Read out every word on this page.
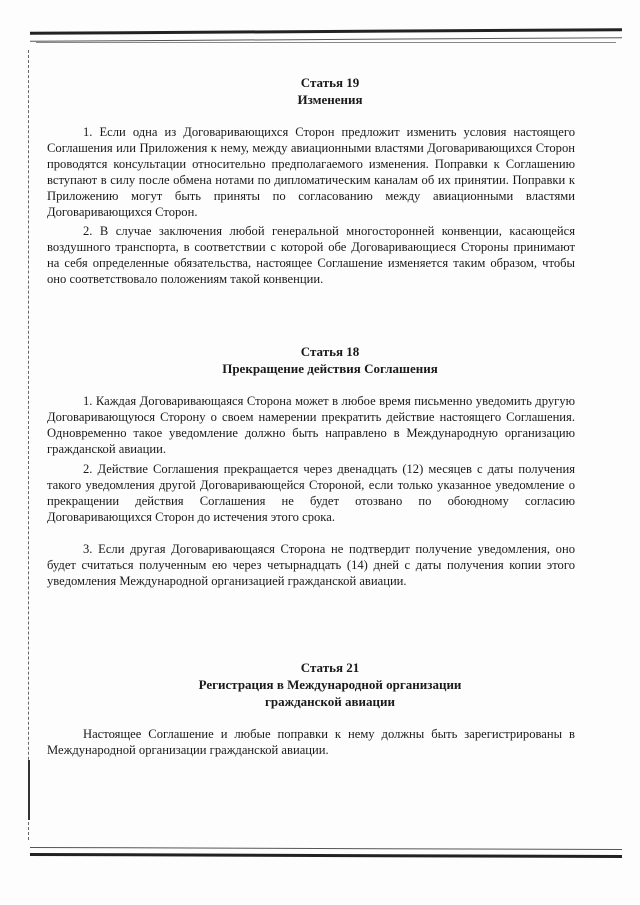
Статья 19

Изменения

1. Если одна из Договаривающихся Сторон предложит изменить условия настоящего Соглашения или Приложения к нему, между авиационными властями Договаривающихся Сторон проводятся консультации относительно предполагаемого изменения. Поправки к Соглашению вступают в силу после обмена нотами по дипломатическим каналам об их принятии. Поправки к Приложению могут быть приняты по согласованию между авиационными властями Договаривающихся Сторон.

2. В случае заключения любой генеральной многосторонней конвенции, касающейся воздушного транспорта, в соответствии с которой обе Договаривающиеся Стороны принимают на себя определенные обязательства, настоящее Соглашение изменяется таким образом, чтобы оно соответствовало положениям такой конвенции.

Статья 18

Прекращение действия Соглашения

1. Каждая Договаривающаяся Сторона может в любое время письменно уведомить другую Договаривающуюся Сторону о своем намерении прекратить действие настоящего Соглашения. Одновременно такое уведомление должно быть направлено в Международную организацию гражданской авиации.

2. Действие Соглашения прекращается через двенадцать (12) месяцев с даты получения такого уведомления другой Договаривающейся Стороной, если только указанное уведомление о прекращении действия Соглашения не будет отозвано по обоюдному согласию Договаривающихся Сторон до истечения этого срока.

3. Если другая Договаривающаяся Сторона не подтвердит получение уведомления, оно будет считаться полученным ею через четырнадцать (14) дней с даты получения копии этого уведомления Международной организацией гражданской авиации.

Статья 21

Регистрация в Международной организации

гражданской авиации

Настоящее Соглашение и любые поправки к нему должны быть зарегистрированы в Международной организации гражданской авиации.
